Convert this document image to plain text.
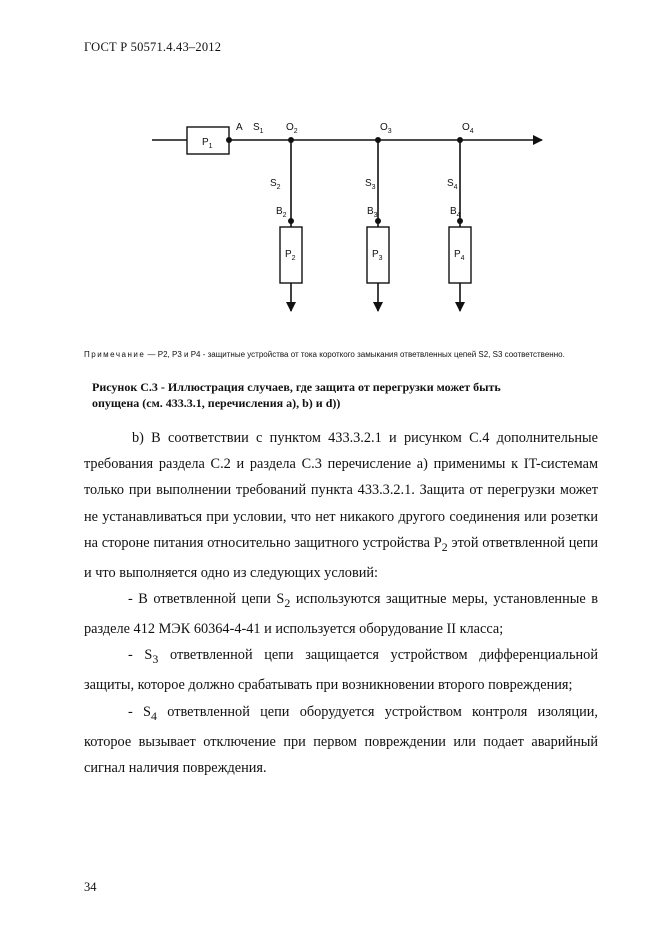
ГОСТ Р 50571.4.43–2012
$P_1$
A $S_1$ $O_2$	$O_3$	$O_4$
$S_2$	$S_3$	$S_4$
$B_2$	$B_3$	$B_4$
$P_2$	$P_3$	$P_4$
Примечание — P2, P3 и P4 - защитные устройства от тока короткого замыкания ответвленных цепей S2, S3 соответственно.
Рисунок С.3 - Иллюстрация случаев, где защита от перегрузки может быть
опущена (см. 433.3.1, перечисления a), b) и d))

b) В соответствии с пунктом 433.3.2.1 и рисунком С.4 дополнительные требования раздела С.2 и раздела С.3 перечисление a) применимы к IT-системам только при выполнении требований пункта 433.3.2.1. Защита от перегрузки может не устанавливаться при условии, что нет никакого другого соединения или розетки на стороне питания относительно защитного устройства $P_2$ этой ответвленной цепи и что выполняется одно из следующих условий:

- В ответвленной цепи $S_2$ используются защитные меры, установленные в разделе 412 МЭК 60364-4-41 и используется оборудование II класса;

- $S_3$ ответвленной цепи защищается устройством дифференциальной защиты, которое должно срабатывать при возникновении второго повреждения;

- $S_4$ ответвленной цепи оборудуется устройством контроля изоляции, которое вызывает отключение при первом повреждении или подает аварийный сигнал наличия повреждения.

34
